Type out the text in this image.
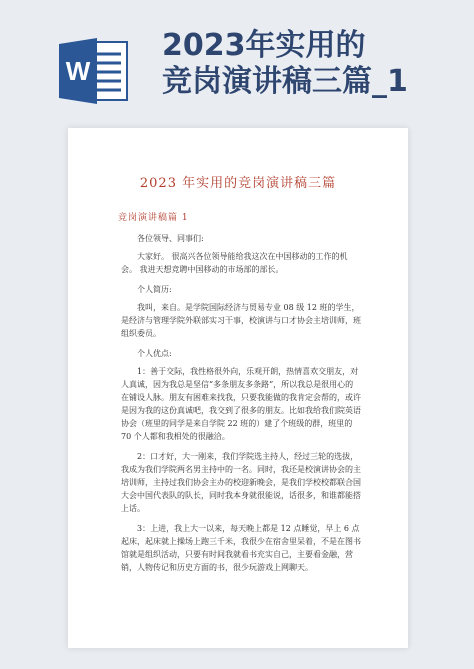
W
2023年实用的
竞岗演讲稿三篇_1
2023 年实用的竞岗演讲稿三篇
竞岗演讲稿篇 1

各位领导、同事们:

大家好。 很高兴各位领导能给我这次在中国移动的工作的机会。 我进天想竞聘中国移动的市场部的部长。

个人简历:

我叫，来自。是学院国际经济与贸易专业 08 级 12 班的学生，是经济与管理学院外联部实习干事，校演讲与口才协会主培训师，班组织委员。

个人优点:

1：善于交际，我性格很外向，乐观开朗，热情喜欢交朋友，对人真诚，因为我总是坚信“多条朋友多条路”，所以我总是很用心的在铺设人脉。朋友有困难来找我，只要我能做的我肯定会帮的，或许是因为我的这份真诚吧，我交到了很多的朋友。比如我给我们院英语协会（班里的同学是来自学院 22 班的）建了个班级的群，班里的 70 个人都和我相处的很融洽。

2：口才好，大一刚来，我们学院选主持人，经过三轮的选拔，我成为我们学院两名男主持中的一名。同时，我还是校演讲协会的主培训师，主持过我们协会主办的校迎新晚会，是我们学校校都联合国大会中国代表队的队长，同时我本身就很能说，话很多，和谁都能搭上话。

3：上进，我上大一以来，每天晚上都是 12 点睡觉，早上 6 点起床，起床就上操场上跑三千米，我很少在宿舍里呆着，不是在图书馆就是组织活动，只要有时间我就看书充实自己，主要看金融，营销，人物传记和历史方面的书，很少玩游戏上网聊天。
